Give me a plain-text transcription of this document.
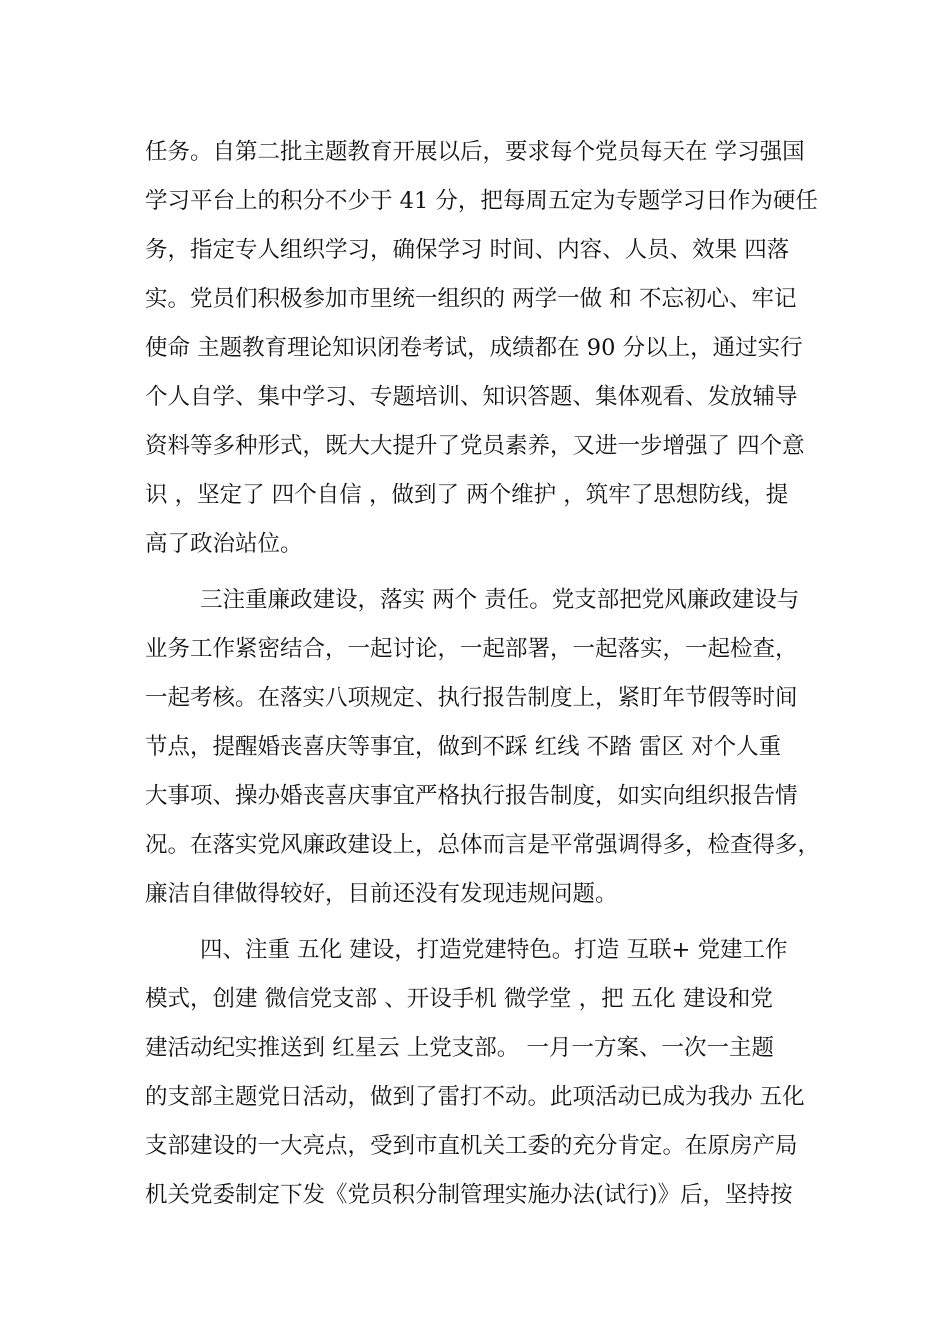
任务。自第二批主题教育开展以后，要求每个党员每天在 学习强国
学习平台上的积分不少于 41 分，把每周五定为专题学习日作为硬任
务，指定专人组织学习，确保学习 时间、内容、人员、效果 四落
实。党员们积极参加市里统一组织的 两学一做 和 不忘初心、牢记
使命 主题教育理论知识闭卷考试，成绩都在 90 分以上，通过实行
个人自学、集中学习、专题培训、知识答题、集体观看、发放辅导
资料等多种形式，既大大提升了党员素养，又进一步增强了 四个意
识 ，坚定了 四个自信 ，做到了 两个维护 ，筑牢了思想防线，提
高了政治站位。
三注重廉政建设，落实 两个 责任。党支部把党风廉政建设与
业务工作紧密结合，一起讨论，一起部署，一起落实，一起检查，
一起考核。在落实八项规定、执行报告制度上，紧盯年节假等时间
节点，提醒婚丧喜庆等事宜，做到不踩 红线 不踏 雷区 对个人重
大事项、操办婚丧喜庆事宜严格执行报告制度，如实向组织报告情
况。在落实党风廉政建设上，总体而言是平常强调得多，检查得多，
廉洁自律做得较好，目前还没有发现违规问题。
四、注重 五化 建设，打造党建特色。打造 互联+ 党建工作
模式，创建 微信党支部 、开设手机 微学堂 ，把 五化 建设和党
建活动纪实推送到 红星云 上党支部。 一月一方案、一次一主题
的支部主题党日活动，做到了雷打不动。此项活动已成为我办 五化
支部建设的一大亮点，受到市直机关工委的充分肯定。在原房产局
机关党委制定下发《党员积分制管理实施办法(试行)》后，坚持按
